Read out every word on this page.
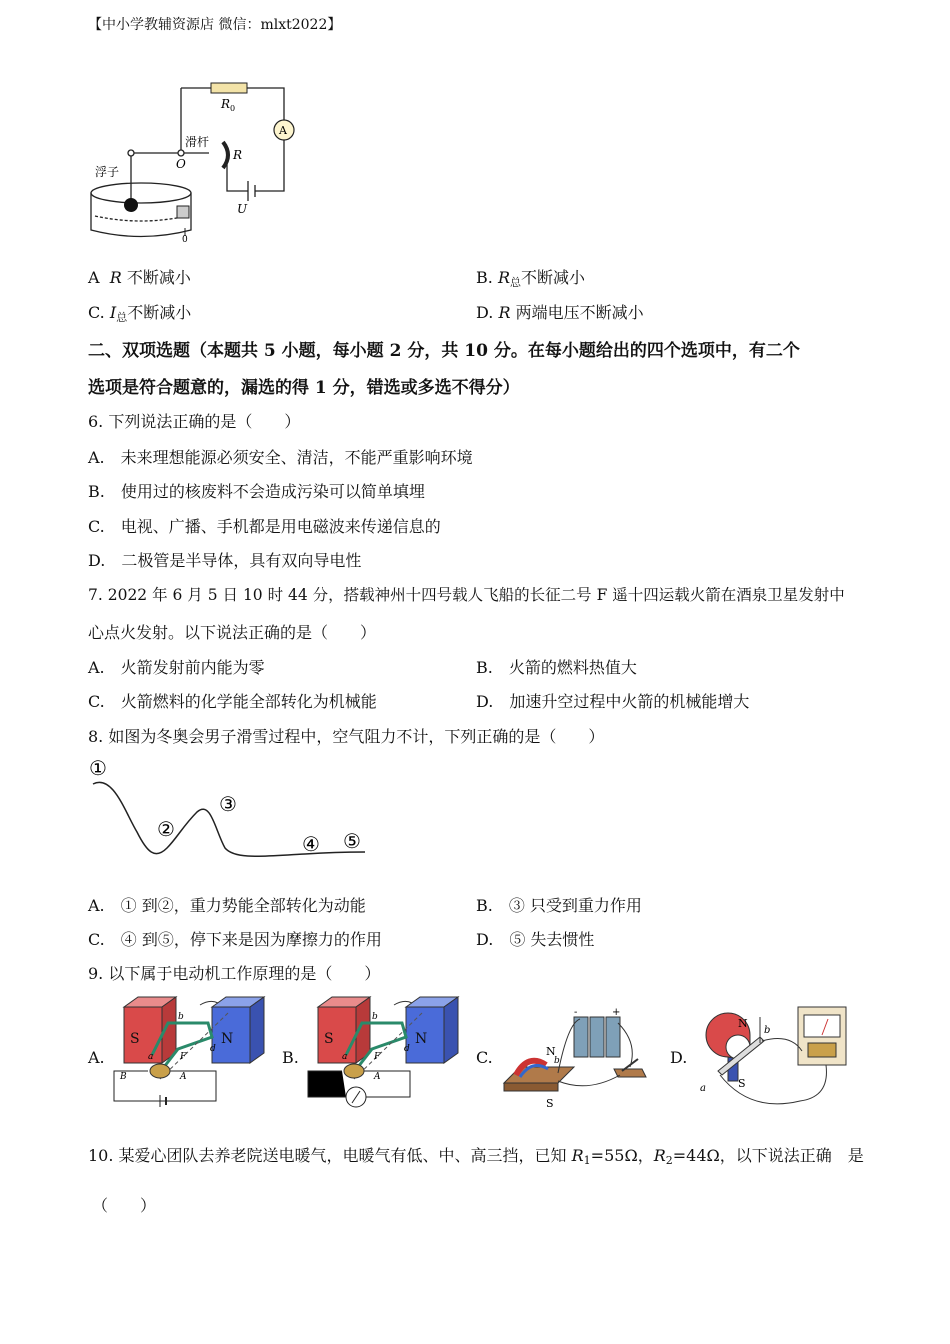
【中小学教辅资源店 微信：mlxt2022】
$R_0$
A
滑杆
O
R
浮子
U
0
A R 不断减小	B. R总不断减小
C. I总不断减小	D. R 两端电压不断减小
二、双项选题（本题共 5 小题，每小题 2 分，共 10 分。在每小题给出的四个选项中，有二个
选项是符合题意的，漏选的得 1 分，错选或多选不得分）
6. 下列说法正确的是（　　）
A.　未来理想能源必须安全、清洁，不能严重影响环境
B.　使用过的核废料不会造成污染可以简单填埋
C.　电视、广播、手机都是用电磁波来传递信息的
D.　二极管是半导体，具有双向导电性
7. 2022 年 6 月 5 日 10 时 44 分，搭载神州十四号载人飞船的长征二号 F 遥十四运载火箭在酒泉卫星发射中
心点火发射。以下说法正确的是（　　）
A.　火箭发射前内能为零	B.　火箭的燃料热值大
C.　火箭燃料的化学能全部转化为机械能	D.　加速升空过程中火箭的机械能增大
8. 如图为冬奥会男子滑雪过程中，空气阻力不计，下列正确的是（　　）
①
②
③
④ ⑤
A.　① 到②，重力势能全部转化为动能	B.　③ 只受到重力作用
C.　④ 到⑤，停下来是因为摩擦力的作用	D.　⑤ 失去惯性
9. 以下属于电动机工作原理的是（　　）
A.
S	N
b
a
d
F
B	A
B.
S	N
b
a
d
F
A
C.	N
S
b
-	+
D.
N
S
b
a
10. 某爱心团队去养老院送电暖气，电暖气有低、中、高三挡，已知 R1=55Ω，R2=44Ω，以下说法正确　是
（　　）
